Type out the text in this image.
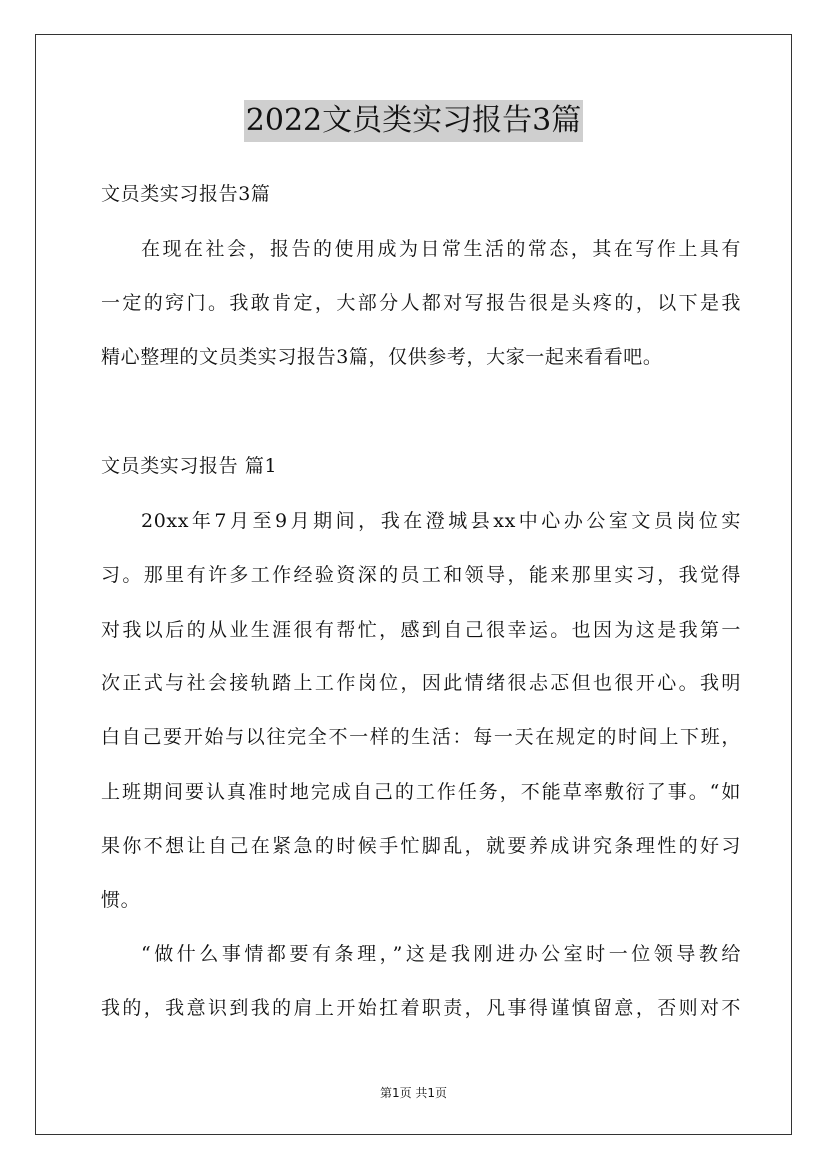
2022文员类实习报告3篇
文员类实习报告3篇
在现在社会，报告的使用成为日常生活的常态，其在写作上具有
一定的窍门。我敢肯定，大部分人都对写报告很是头疼的，以下是我
精心整理的文员类实习报告3篇，仅供参考，大家一起来看看吧。
文员类实习报告 篇1
20xx年7月至9月期间，我在澄城县xx中心办公室文员岗位实
习。那里有许多工作经验资深的员工和领导，能来那里实习，我觉得
对我以后的从业生涯很有帮忙，感到自己很幸运。也因为这是我第一
次正式与社会接轨踏上工作岗位，因此情绪很忐忑但也很开心。我明
白自己要开始与以往完全不一样的生活：每一天在规定的时间上下班，
上班期间要认真准时地完成自己的工作任务，不能草率敷衍了事。“如
果你不想让自己在紧急的时候手忙脚乱，就要养成讲究条理性的好习
惯。
“做什么事情都要有条理，”这是我刚进办公室时一位领导教给
我的，我意识到我的肩上开始扛着职责，凡事得谨慎留意，否则对不
第1页 共1页
